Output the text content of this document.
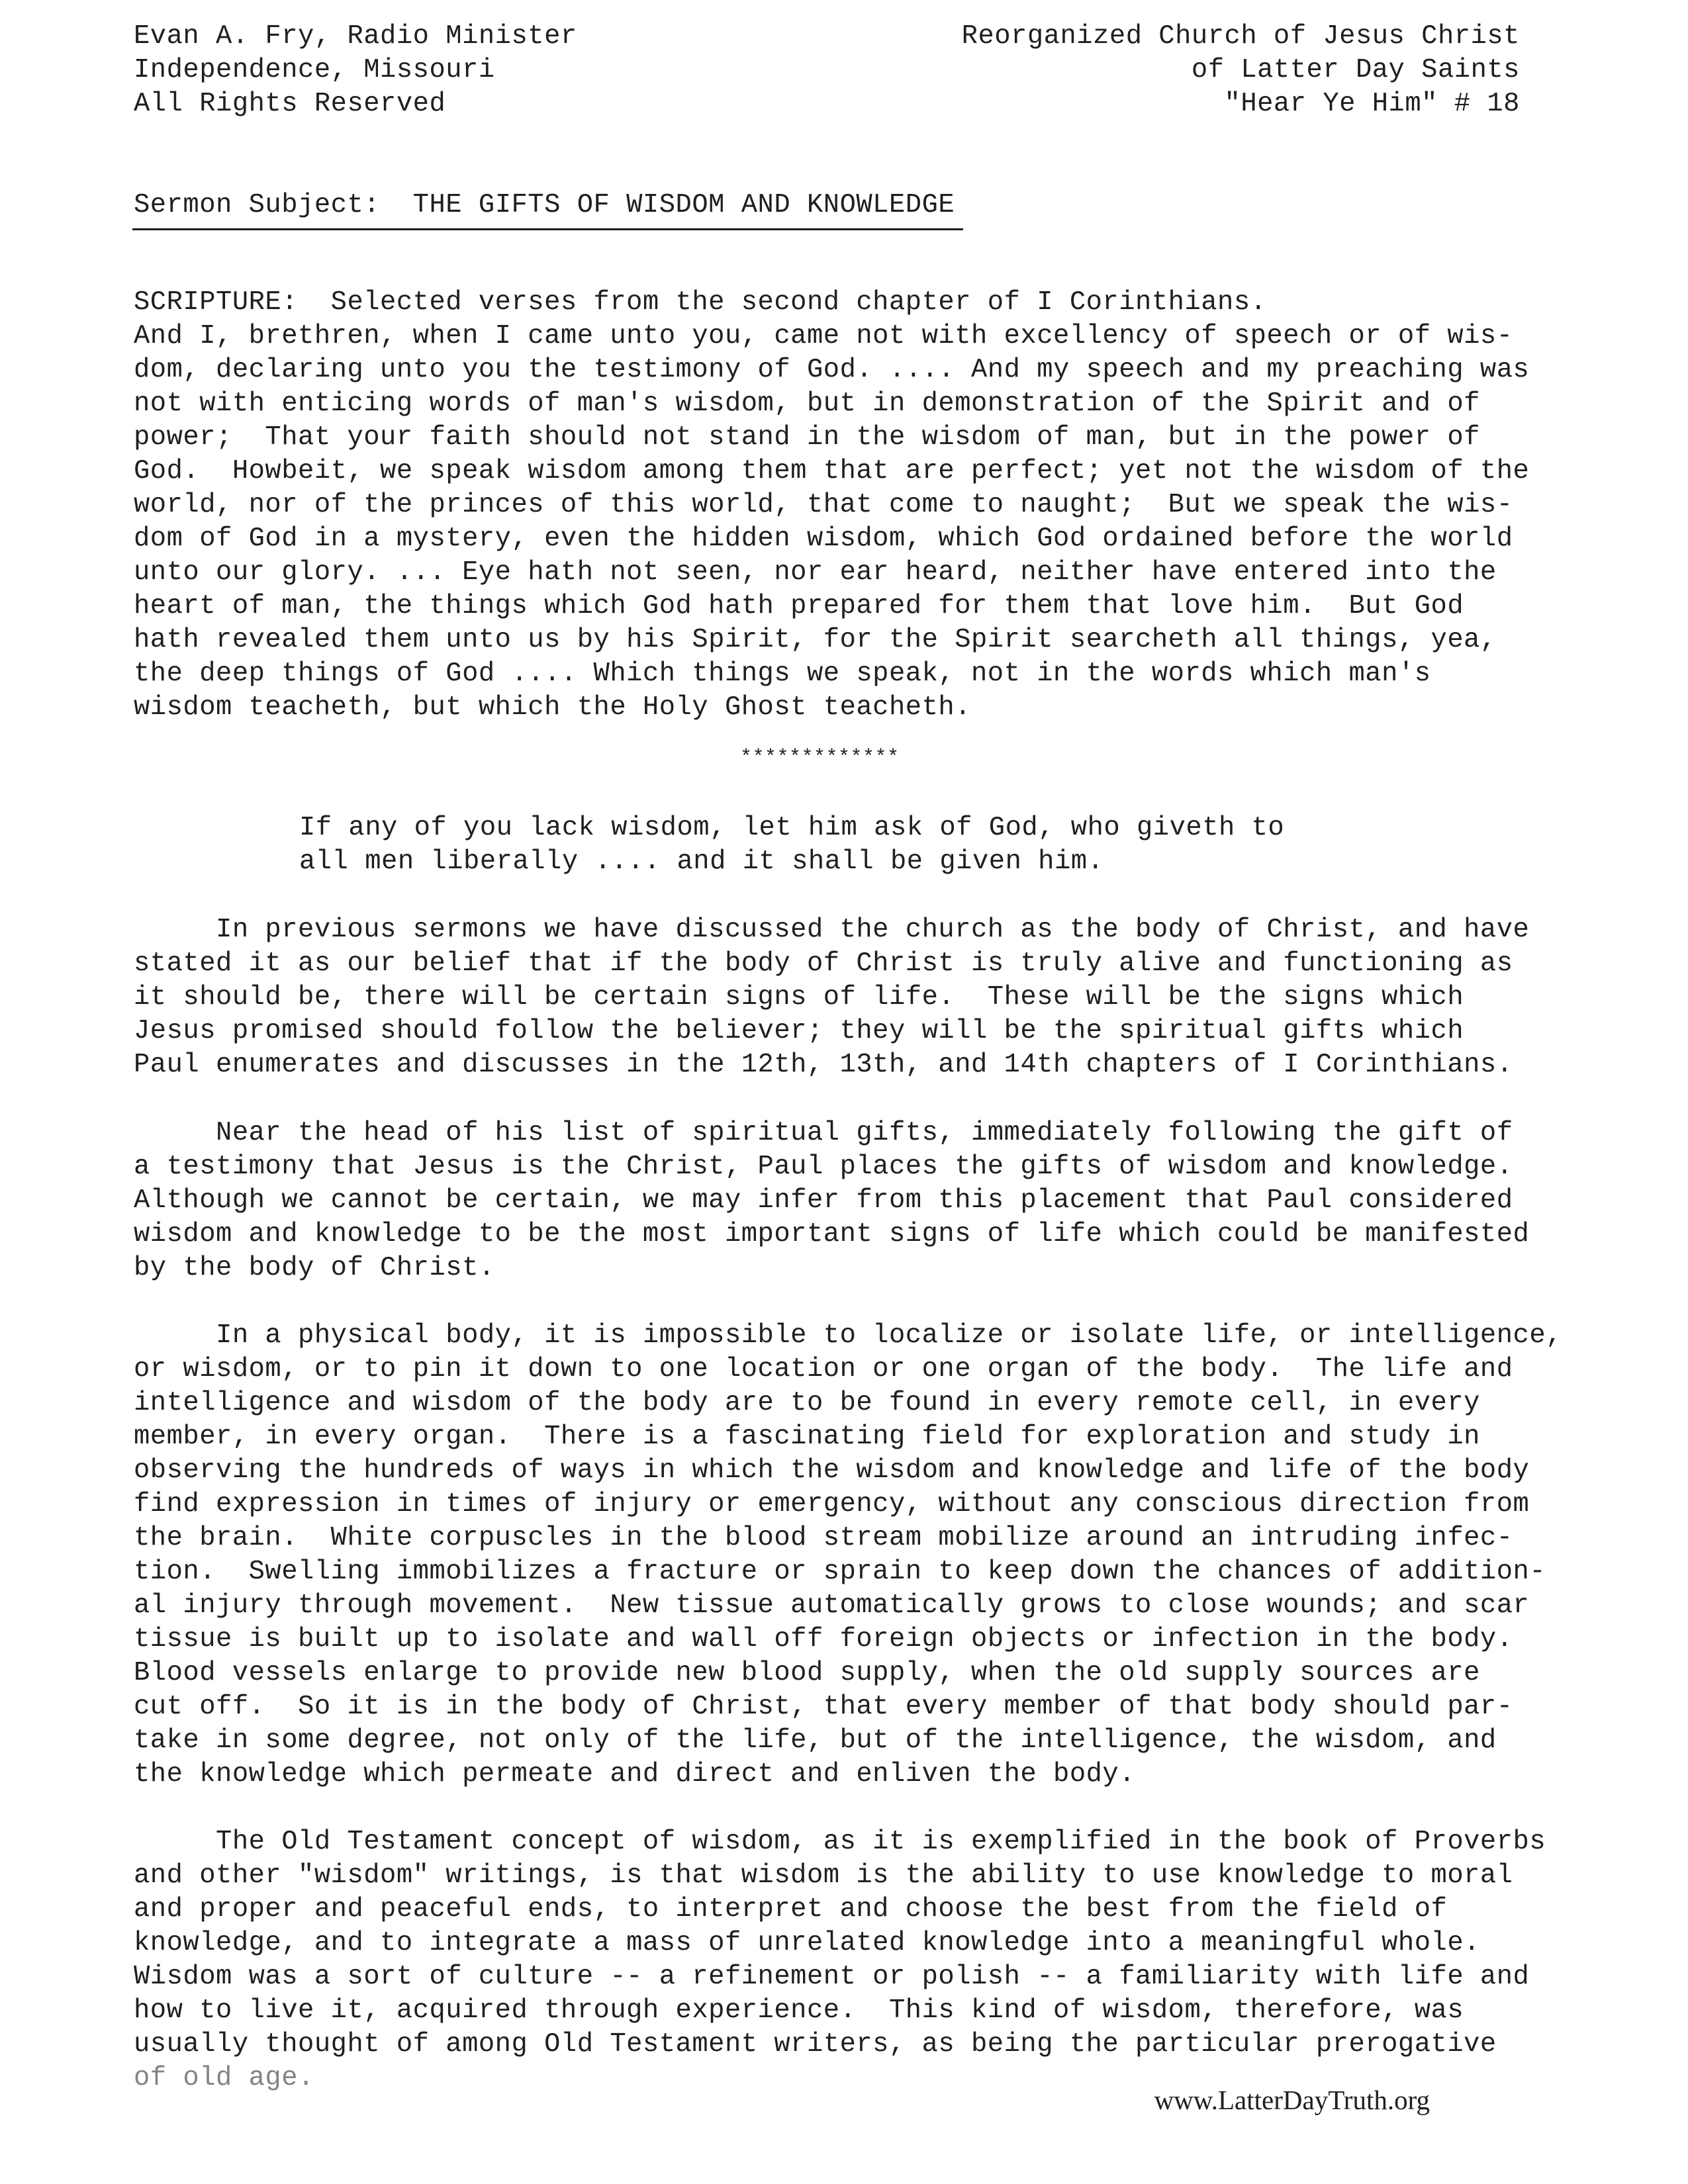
Evan A. Fry, Radio Minister
Independence, Missouri
All Rights Reserved
Reorganized Church of Jesus Christ
of Latter Day Saints
"Hear Ye Him" # 18
Sermon Subject: THE GIFTS OF WISDOM AND KNOWLEDGE
SCRIPTURE:  Selected verses from the second chapter of I Corinthians.
And I, brethren, when I came unto you, came not with excellency of speech or of wis-
dom, declaring unto you the testimony of God. .... And my speech and my preaching was
not with enticing words of man's wisdom, but in demonstration of the Spirit and of
power;  That your faith should not stand in the wisdom of man, but in the power of
God.  Howbeit, we speak wisdom among them that are perfect; yet not the wisdom of the
world, nor of the princes of this world, that come to naught;  But we speak the wis-
dom of God in a mystery, even the hidden wisdom, which God ordained before the world
unto our glory. ... Eye hath not seen, nor ear heard, neither have entered into the
heart of man, the things which God hath prepared for them that love him.  But God
hath revealed them unto us by his Spirit, for the Spirit searcheth all things, yea,
the deep things of God .... Which things we speak, not in the words which man's
wisdom teacheth, but which the Holy Ghost teacheth.
*************
If any of you lack wisdom, let him ask of God, who giveth to
all men liberally .... and it shall be given him.
In previous sermons we have discussed the church as the body of Christ, and have
stated it as our belief that if the body of Christ is truly alive and functioning as
it should be, there will be certain signs of life.  These will be the signs which
Jesus promised should follow the believer; they will be the spiritual gifts which
Paul enumerates and discusses in the 12th, 13th, and 14th chapters of I Corinthians.
Near the head of his list of spiritual gifts, immediately following the gift of
a testimony that Jesus is the Christ, Paul places the gifts of wisdom and knowledge.
Although we cannot be certain, we may infer from this placement that Paul considered
wisdom and knowledge to be the most important signs of life which could be manifested
by the body of Christ.
In a physical body, it is impossible to localize or isolate life, or intelligence,
or wisdom, or to pin it down to one location or one organ of the body.  The life and
intelligence and wisdom of the body are to be found in every remote cell, in every
member, in every organ.  There is a fascinating field for exploration and study in
observing the hundreds of ways in which the wisdom and knowledge and life of the body
find expression in times of injury or emergency, without any conscious direction from
the brain.  White corpuscles in the blood stream mobilize around an intruding infec-
tion.  Swelling immobilizes a fracture or sprain to keep down the chances of addition-
al injury through movement.  New tissue automatically grows to close wounds; and scar
tissue is built up to isolate and wall off foreign objects or infection in the body.
Blood vessels enlarge to provide new blood supply, when the old supply sources are
cut off.  So it is in the body of Christ, that every member of that body should par-
take in some degree, not only of the life, but of the intelligence, the wisdom, and
the knowledge which permeate and direct and enliven the body.
The Old Testament concept of wisdom, as it is exemplified in the book of Proverbs
and other "wisdom" writings, is that wisdom is the ability to use knowledge to moral
and proper and peaceful ends, to interpret and choose the best from the field of
knowledge, and to integrate a mass of unrelated knowledge into a meaningful whole.
Wisdom was a sort of culture -- a refinement or polish -- a familiarity with life and
how to live it, acquired through experience.  This kind of wisdom, therefore, was
usually thought of among Old Testament writers, as being the particular prerogative
of old age.
www.LatterDayTruth.org
